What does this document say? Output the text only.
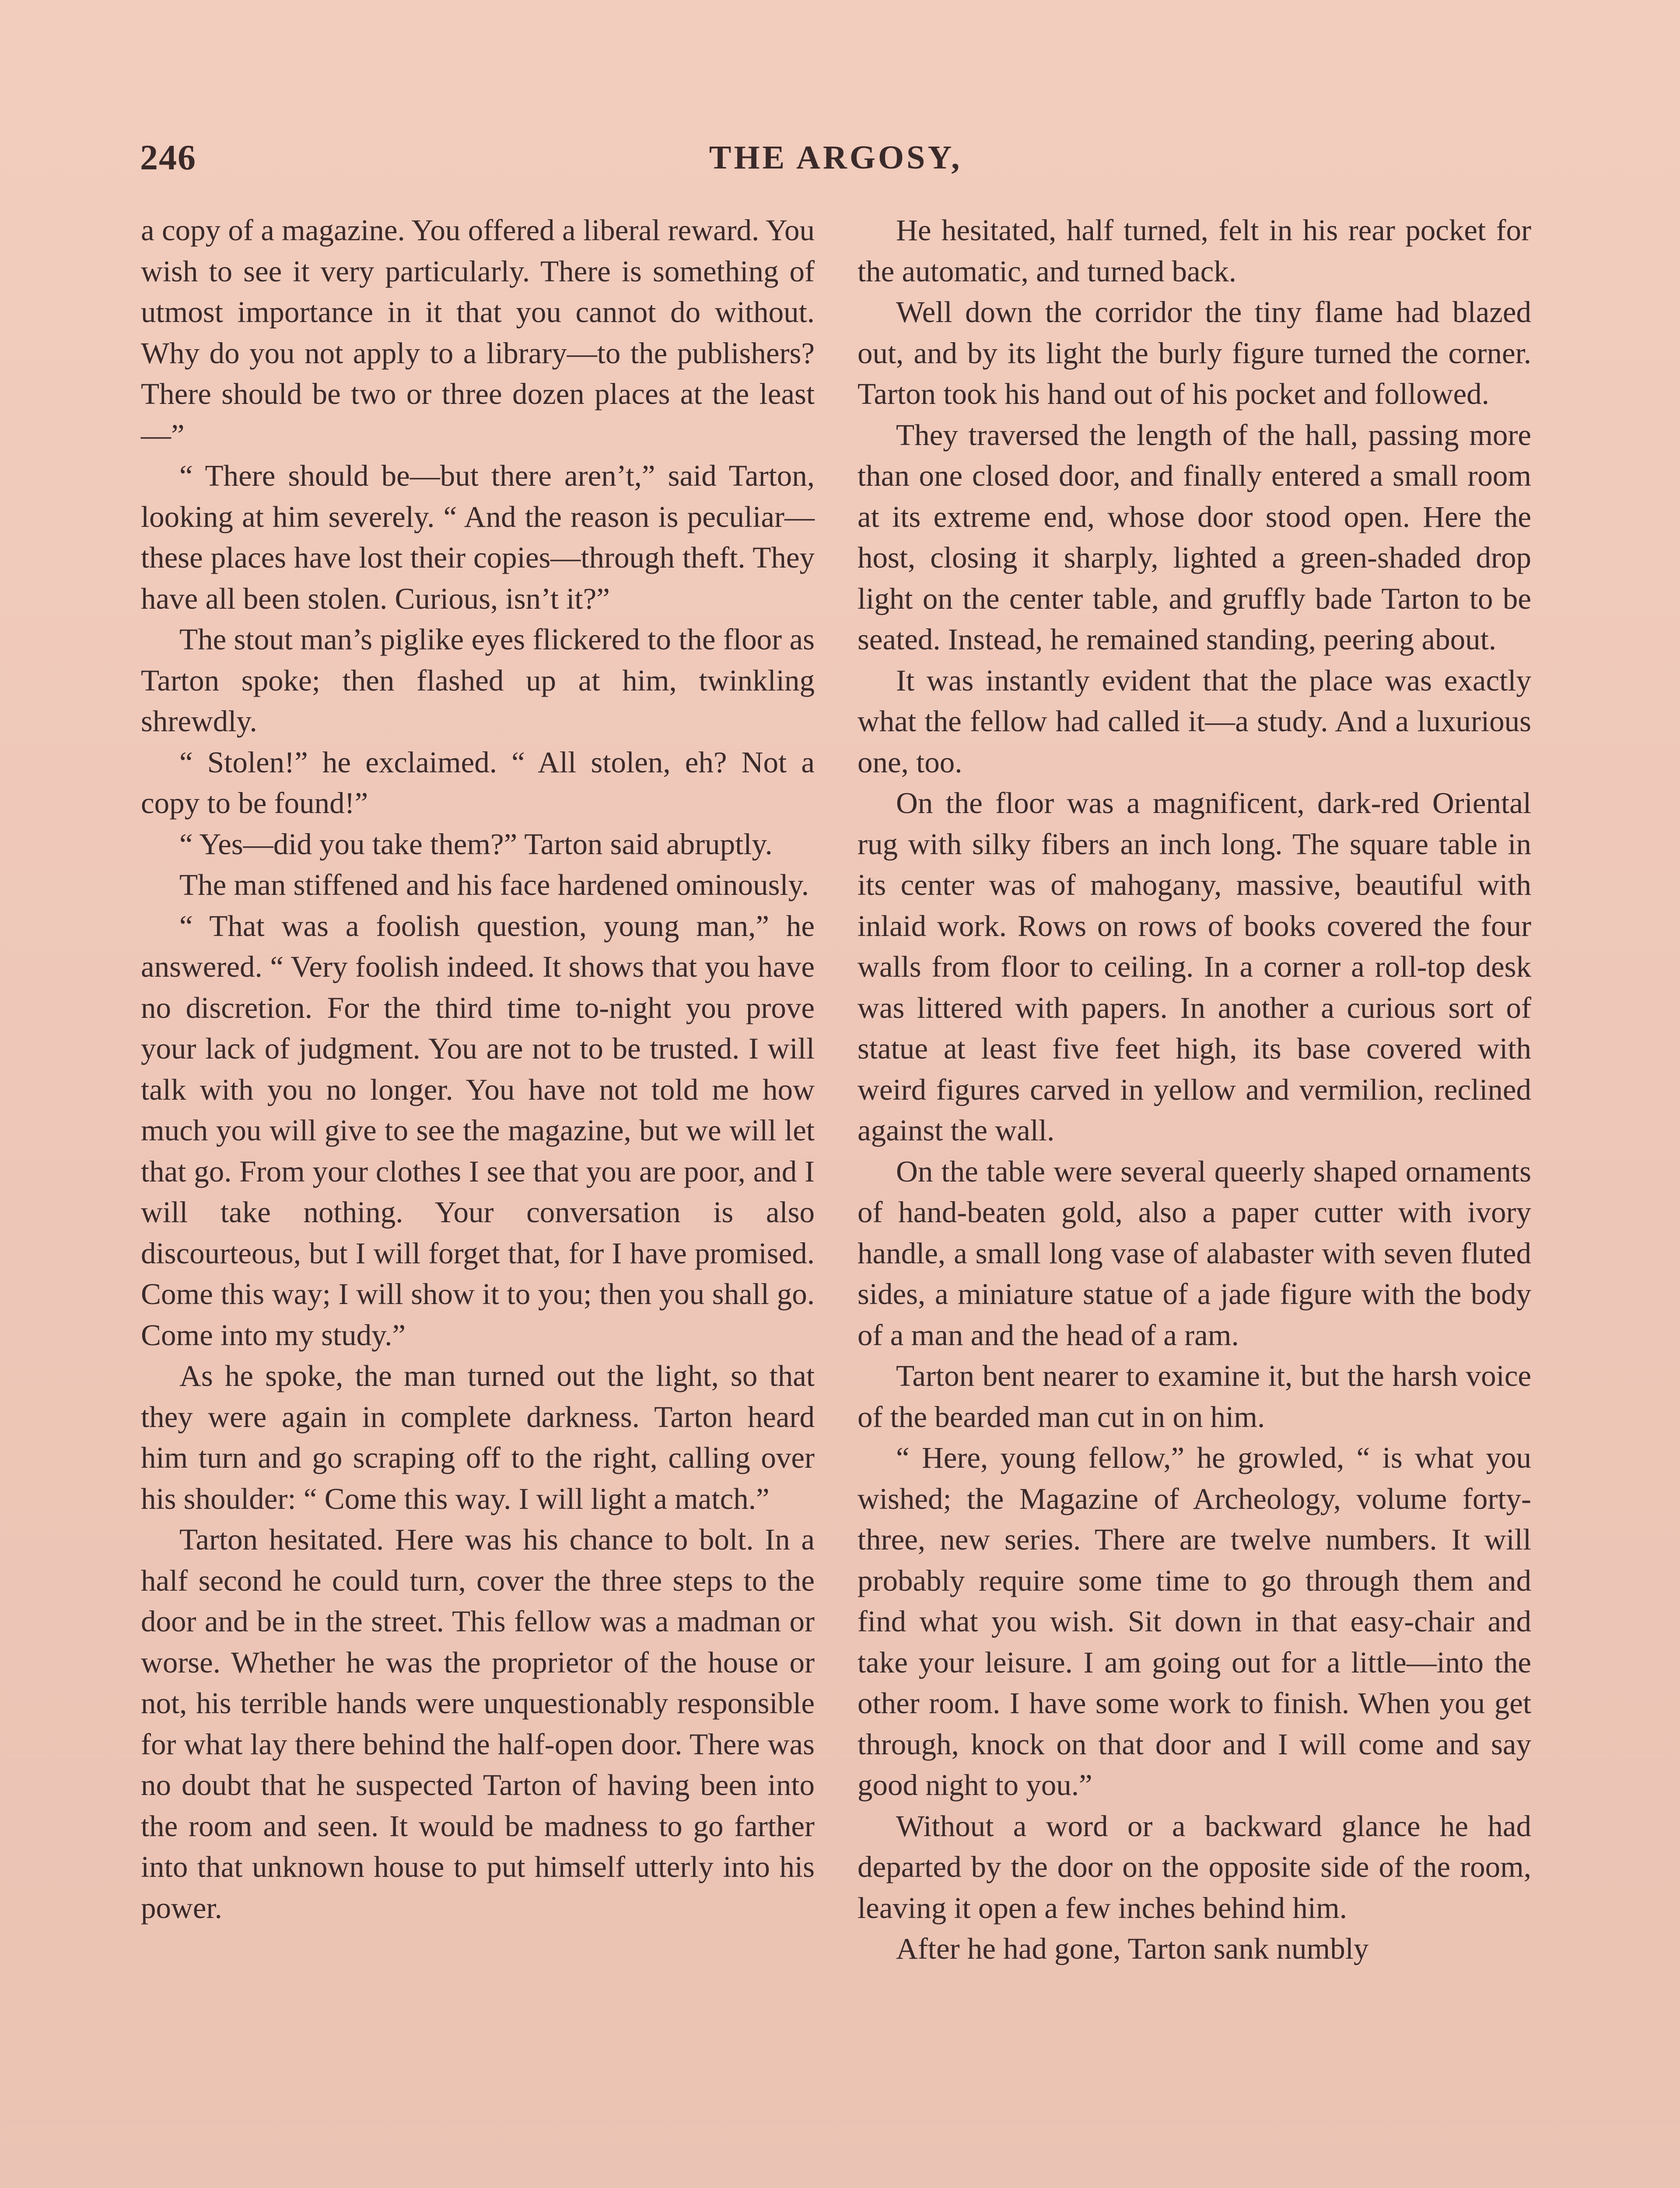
246	THE ARGOSY,

a copy of a magazine. You offered a liberal reward. You wish to see it very particularly. There is something of utmost importance in it that you cannot do without. Why do you not apply to a library—to the publishers? There should be two or three dozen places at the least—”

“ There should be—but there aren’t,” said Tarton, looking at him severely. “ And the reason is peculiar—these places have lost their copies—through theft. They have all been stolen. Curious, isn’t it?”

The stout man’s piglike eyes flickered to the floor as Tarton spoke; then flashed up at him, twinkling shrewdly.

“ Stolen!” he exclaimed. “ All stolen, eh? Not a copy to be found!”

“ Yes—did you take them?” Tarton said abruptly.

The man stiffened and his face hardened ominously.

“ That was a foolish question, young man,” he answered. “ Very foolish indeed. It shows that you have no discretion. For the third time to-night you prove your lack of judgment. You are not to be trusted. I will talk with you no longer. You have not told me how much you will give to see the magazine, but we will let that go. From your clothes I see that you are poor, and I will take nothing. Your conversation is also discourteous, but I will forget that, for I have promised. Come this way; I will show it to you; then you shall go. Come into my study.”

As he spoke, the man turned out the light, so that they were again in complete darkness. Tarton heard him turn and go scraping off to the right, calling over his shoulder: “ Come this way. I will light a match.”

Tarton hesitated. Here was his chance to bolt. In a half second he could turn, cover the three steps to the door and be in the street. This fellow was a madman or worse. Whether he was the proprietor of the house or not, his terrible hands were unquestionably responsible for what lay there behind the half-open door. There was no doubt that he suspected Tarton of having been into the room and seen. It would be madness to go farther into that unknown house to put himself utterly into his power.

He hesitated, half turned, felt in his rear pocket for the automatic, and turned back.

Well down the corridor the tiny flame had blazed out, and by its light the burly figure turned the corner. Tarton took his hand out of his pocket and followed.

They traversed the length of the hall, passing more than one closed door, and finally entered a small room at its extreme end, whose door stood open. Here the host, closing it sharply, lighted a green-shaded drop light on the center table, and gruffly bade Tarton to be seated. Instead, he remained standing, peering about.

It was instantly evident that the place was exactly what the fellow had called it—a study. And a luxurious one, too.

On the floor was a magnificent, dark-red Oriental rug with silky fibers an inch long. The square table in its center was of mahogany, massive, beautiful with inlaid work. Rows on rows of books covered the four walls from floor to ceiling. In a corner a roll-top desk was littered with papers. In another a curious sort of statue at least five feet high, its base covered with weird figures carved in yellow and vermilion, reclined against the wall.

On the table were several queerly shaped ornaments of hand-beaten gold, also a paper cutter with ivory handle, a small long vase of alabaster with seven fluted sides, a miniature statue of a jade figure with the body of a man and the head of a ram.

Tarton bent nearer to examine it, but the harsh voice of the bearded man cut in on him.

“ Here, young fellow,” he growled, “ is what you wished; the Magazine of Archeology, volume forty-three, new series. There are twelve numbers. It will probably require some time to go through them and find what you wish. Sit down in that easy-chair and take your leisure. I am going out for a little—into the other room. I have some work to finish. When you get through, knock on that door and I will come and say good night to you.”

Without a word or a backward glance he had departed by the door on the opposite side of the room, leaving it open a few inches behind him.

After he had gone, Tarton sank numbly
